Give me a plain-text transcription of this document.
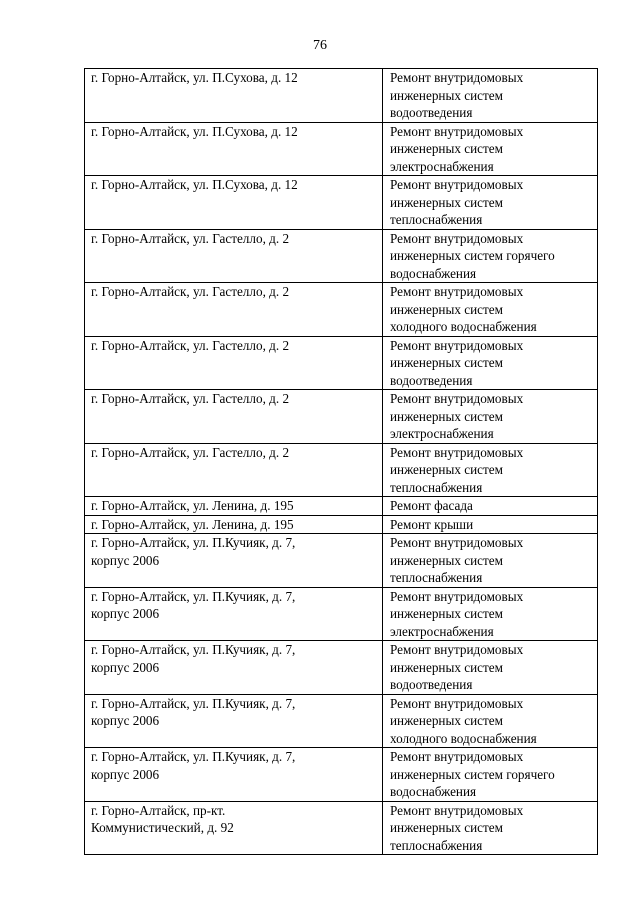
76
г. Горно-Алтайск, ул. П.Сухова, д. 12	Ремонт внутридомовых
инженерных систем
водоотведения

г. Горно-Алтайск, ул. П.Сухова, д. 12	Ремонт внутридомовых
инженерных систем
электроснабжения

г. Горно-Алтайск, ул. П.Сухова, д. 12	Ремонт внутридомовых
инженерных систем
теплоснабжения

г. Горно-Алтайск, ул. Гастелло, д. 2	Ремонт внутридомовых
инженерных систем горячего
водоснабжения

г. Горно-Алтайск, ул. Гастелло, д. 2	Ремонт внутридомовых
инженерных систем
холодного водоснабжения

г. Горно-Алтайск, ул. Гастелло, д. 2	Ремонт внутридомовых
инженерных систем
водоотведения

г. Горно-Алтайск, ул. Гастелло, д. 2	Ремонт внутридомовых
инженерных систем
электроснабжения

г. Горно-Алтайск, ул. Гастелло, д. 2	Ремонт внутридомовых
инженерных систем
теплоснабжения

г. Горно-Алтайск, ул. Ленина, д. 195	Ремонт фасада

г. Горно-Алтайск, ул. Ленина, д. 195	Ремонт крыши

г. Горно-Алтайск, ул. П.Кучияк, д. 7,
корпус 2006	Ремонт внутридомовых
инженерных систем
теплоснабжения

г. Горно-Алтайск, ул. П.Кучияк, д. 7,
корпус 2006	Ремонт внутридомовых
инженерных систем
электроснабжения

г. Горно-Алтайск, ул. П.Кучияк, д. 7,
корпус 2006	Ремонт внутридомовых
инженерных систем
водоотведения

г. Горно-Алтайск, ул. П.Кучияк, д. 7,
корпус 2006	Ремонт внутридомовых
инженерных систем
холодного водоснабжения

г. Горно-Алтайск, ул. П.Кучияк, д. 7,
корпус 2006	Ремонт внутридомовых
инженерных систем горячего
водоснабжения

г. Горно-Алтайск, пр-кт.
Коммунистический, д. 92	Ремонт внутридомовых
инженерных систем
теплоснабжения
